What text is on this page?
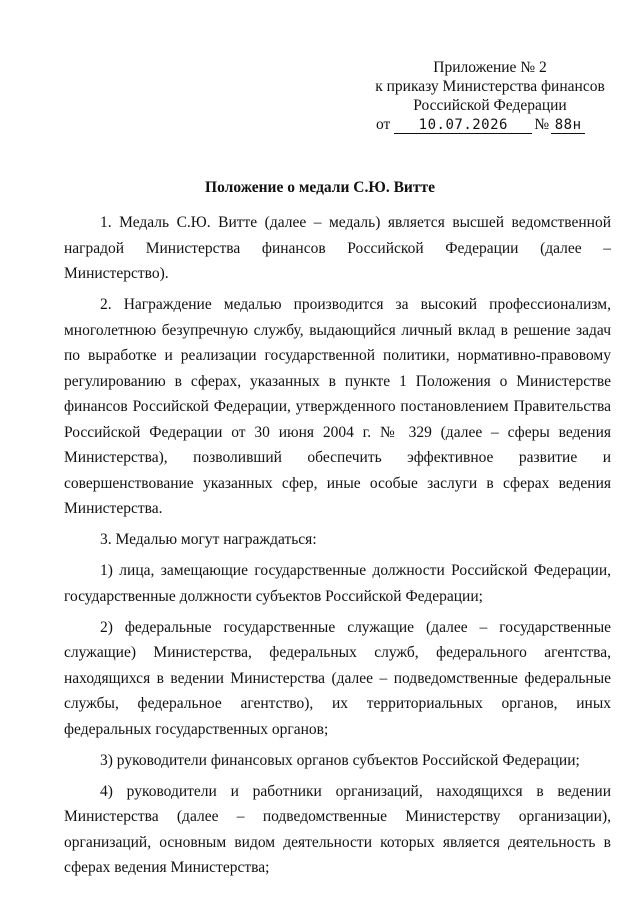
Приложение № 2
к приказу Министерства финансов
Российской Федерации
от 10.07.2026 № 88н
Положение о медали С.Ю. Витте

1. Медаль С.Ю. Витте (далее – медаль) является высшей ведомственной наградой Министерства финансов Российской Федерации (далее – Министерство).

2. Награждение медалью производится за высокий профессионализм, многолетнюю безупречную службу, выдающийся личный вклад в решение задач по выработке и реализации государственной политики, нормативно-правовому регулированию в сферах, указанных в пункте 1 Положения о Министерстве финансов Российской Федерации, утвержденного постановлением Правительства Российской Федерации от 30 июня 2004 г. № 329 (далее – сферы ведения Министерства), позволивший обеспечить эффективное развитие и совершенствование указанных сфер, иные особые заслуги в сферах ведения Министерства.

3. Медалью могут награждаться:

1) лица, замещающие государственные должности Российской Федерации, государственные должности субъектов Российской Федерации;

2) федеральные государственные служащие (далее – государственные служащие) Министерства, федеральных служб, федерального агентства, находящихся в ведении Министерства (далее – подведомственные федеральные службы, федеральное агентство), их территориальных органов, иных федеральных государственных органов;

3) руководители финансовых органов субъектов Российской Федерации;

4) руководители и работники организаций, находящихся в ведении Министерства (далее – подведомственные Министерству организации), организаций, основным видом деятельности которых является деятельность в сферах ведения Министерства;
